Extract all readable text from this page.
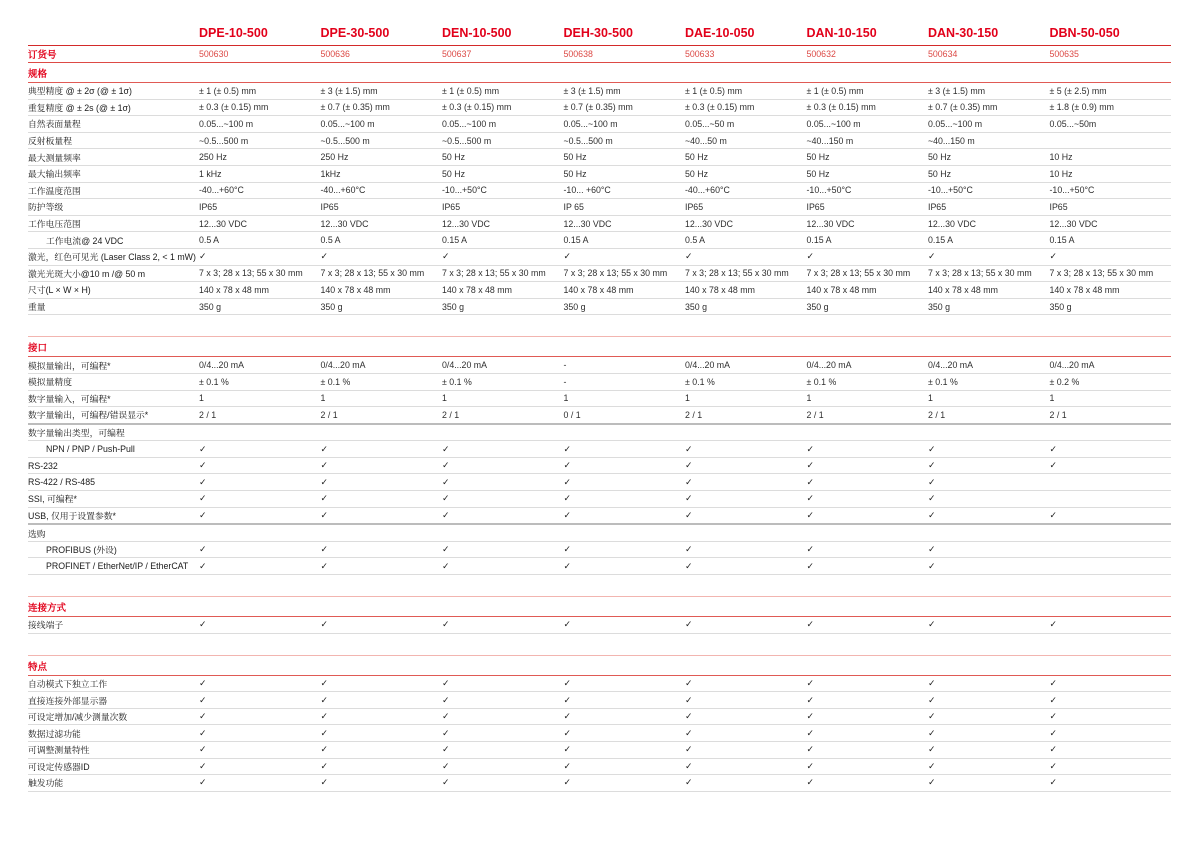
DPE-10-500	DPE-30-500	DEN-10-500	DEH-30-500	DAE-10-050	DAN-10-150	DAN-30-150	DBN-50-050
订货号	500630	500636	500637	500638	500633	500632	500634	500635
规格
典型精度 @ ± 2σ (@ ± 1σ)	± 1 (± 0.5) mm	± 3 (± 1.5) mm	± 1 (± 0.5) mm	± 3 (± 1.5) mm	± 1 (± 0.5) mm	± 1 (± 0.5) mm	± 3 (± 1.5) mm	± 5 (± 2.5) mm
重复精度 @ ± 2s (@ ± 1σ)	± 0.3 (± 0.15) mm	± 0.7 (± 0.35) mm	± 0.3 (± 0.15) mm	± 0.7 (± 0.35) mm	± 0.3 (± 0.15) mm	± 0.3 (± 0.15) mm	± 0.7 (± 0.35) mm	± 1.8 (± 0.9) mm
自然表面量程	0.05...~100 m	0.05...~100 m	0.05...~100 m	0.05...~100 m	0.05...~50 m	0.05...~100 m	0.05...~100 m	0.05...~50m
反射板量程	~0.5...500 m	~0.5...500 m	~0.5...500 m	~0.5...500 m	~40...50 m	~40...150 m	~40...150 m
最大测量频率	250 Hz	250 Hz	50 Hz	50 Hz	50 Hz	50 Hz	50 Hz	10 Hz
最大输出频率	1 kHz	1kHz	50 Hz	50 Hz	50 Hz	50 Hz	50 Hz	10 Hz
工作温度范围	-40...+60°C	-40...+60°C	-10...+50°C	-10... +60°C	-40...+60°C	-10...+50°C	-10...+50°C	-10...+50°C
防护等级	IP65	IP65	IP65	IP 65	IP65	IP65	IP65	IP65
工作电压范围	12...30 VDC	12...30 VDC	12...30 VDC	12...30 VDC	12...30 VDC	12...30 VDC	12...30 VDC	12...30 VDC
工作电流@ 24 VDC	0.5 A	0.5 A	0.15 A	0.15 A	0.5 A	0.15 A	0.15 A	0.15 A
激光，红色可见光 (Laser Class 2, < 1 mW) ✓	✓	✓	✓	✓	✓	✓	✓
激光光斑大小@10 m /@ 50 m	7 x 3; 28 x 13; 55 x 30 mm	7 x 3; 28 x 13; 55 x 30 mm	7 x 3; 28 x 13; 55 x 30 mm	7 x 3; 28 x 13; 55 x 30 mm	7 x 3; 28 x 13; 55 x 30 mm	7 x 3; 28 x 13; 55 x 30 mm	7 x 3; 28 x 13; 55 x 30 mm	7 x 3; 28 x 13; 55 x 30 mm
尺寸(L × W × H)	140 x 78 x 48 mm	140 x 78 x 48 mm	140 x 78 x 48 mm	140 x 78 x 48 mm	140 x 78 x 48 mm	140 x 78 x 48 mm	140 x 78 x 48 mm	140 x 78 x 48 mm
重量	350 g	350 g	350 g	350 g	350 g	350 g	350 g	350 g
接口
模拟量输出，可编程*	0/4...20 mA	0/4...20 mA	0/4...20 mA	-	0/4...20 mA	0/4...20 mA	0/4...20 mA	0/4...20 mA
模拟量精度	± 0.1 %	± 0.1 %	± 0.1 %	-	± 0.1 %	± 0.1 %	± 0.1 %	± 0.2 %
数字量输入，可编程*	1	1	1	1	1	1	1	1
数字量输出，可编程/错误显示*	2 / 1	2 / 1	2 / 1	0 / 1	2 / 1	2 / 1	2 / 1	2 / 1
数字量输出类型，可编程
NPN / PNP / Push-Pull	✓	✓	✓	✓	✓	✓	✓	✓
RS-232	✓	✓	✓	✓	✓	✓	✓	✓
RS-422 / RS-485	✓	✓	✓	✓	✓	✓	✓
SSI, 可编程*	✓	✓	✓	✓	✓	✓	✓
USB, 仅用于设置参数*	✓	✓	✓	✓	✓	✓	✓	✓
选购
PROFIBUS (外设)	✓	✓	✓	✓	✓	✓	✓
PROFINET / EtherNet/IP / EtherCAT	✓	✓	✓	✓	✓	✓	✓
连接方式
接线端子	✓	✓	✓	✓	✓	✓	✓	✓
特点
自动模式下独立工作	✓	✓	✓	✓	✓	✓	✓	✓
直接连接外部显示器	✓	✓	✓	✓	✓	✓	✓	✓
可设定增加/减少测量次数	✓	✓	✓	✓	✓	✓	✓	✓
数据过滤功能	✓	✓	✓	✓	✓	✓	✓	✓
可调整测量特性	✓	✓	✓	✓	✓	✓	✓	✓
可设定传感器ID	✓	✓	✓	✓	✓	✓	✓	✓
触发功能	✓	✓	✓	✓	✓	✓	✓	✓
